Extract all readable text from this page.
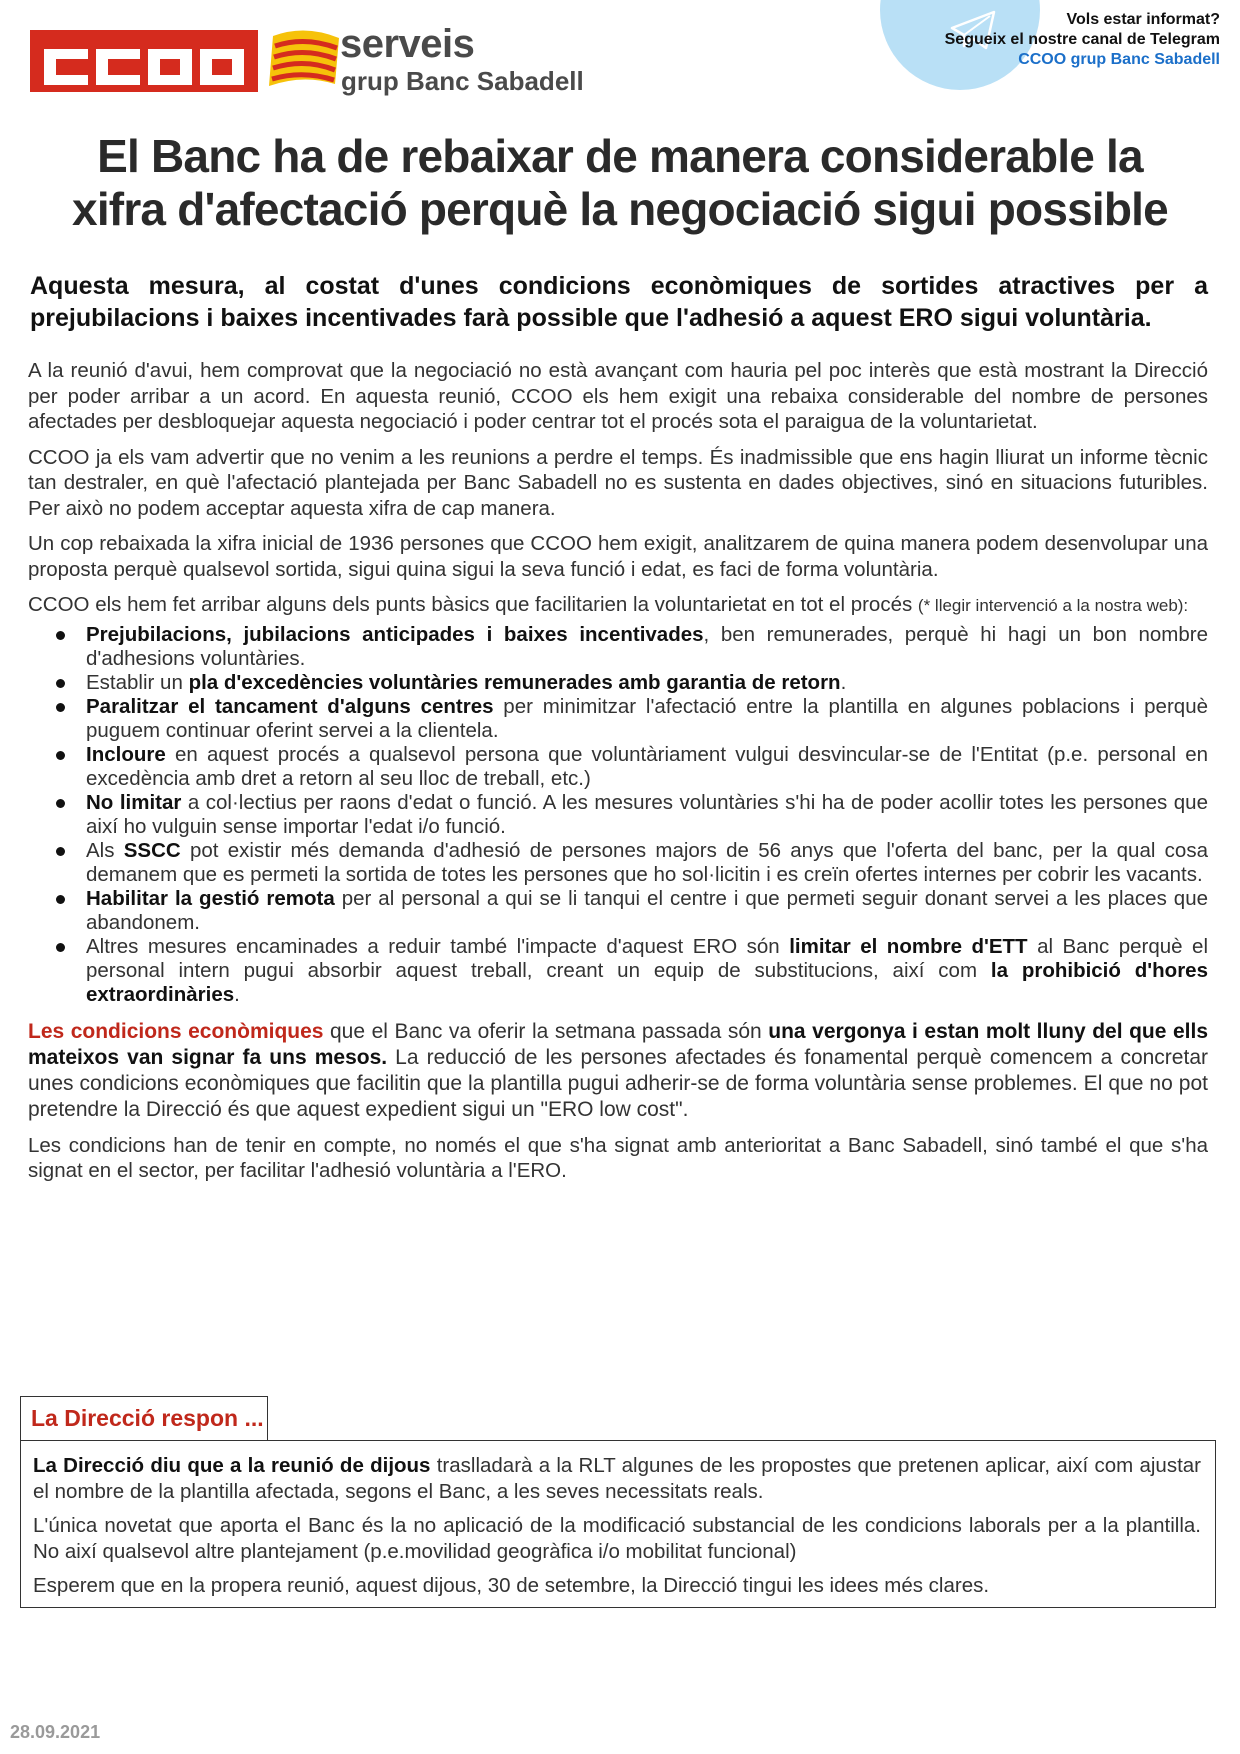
serveis
grup Banc Sabadell
Vols estar informat?
Segueix el nostre canal de Telegram
CCOO grup Banc Sabadell
El Banc ha de rebaixar de manera considerable la
xifra d'afectació perquè la negociació sigui possible
Aquesta mesura, al costat d'unes condicions econòmiques de sortides atractives per a prejubilacions i baixes incentivades farà possible que l'adhesió a aquest ERO sigui voluntària.

A la reunió d'avui, hem comprovat que la negociació no està avançant com hauria pel poc interès que està mostrant la Direcció per poder arribar a un acord. En aquesta reunió, CCOO els hem exigit una rebaixa considerable del nombre de persones afectades per desbloquejar aquesta negociació i poder centrar tot el procés sota el paraigua de la voluntarietat.

CCOO ja els vam advertir que no venim a les reunions a perdre el temps. És inadmissible que ens hagin lliurat un informe tècnic tan destraler, en què l'afectació plantejada per Banc Sabadell no es sustenta en dades objectives, sinó en situacions futuribles. Per això no podem acceptar aquesta xifra de cap manera.

Un cop rebaixada la xifra inicial de 1936 persones que CCOO hem exigit, analitzarem de quina manera podem desenvolupar una proposta perquè qualsevol sortida, sigui quina sigui la seva funció i edat, es faci de forma voluntària.

CCOO els hem fet arribar alguns dels punts bàsics que facilitarien la voluntarietat en tot el procés (* llegir intervenció a la nostra web):

Prejubilacions, jubilacions anticipades i baixes incentivades, ben remunerades, perquè hi hagi un bon nombre d'adhesions voluntàries.
Establir un pla d'excedències voluntàries remunerades amb garantia de retorn.
Paralitzar el tancament d'alguns centres per minimitzar l'afectació entre la plantilla en algunes poblacions i perquè puguem continuar oferint servei a la clientela.
Incloure en aquest procés a qualsevol persona que voluntàriament vulgui desvincular-se de l'Entitat (p.e. personal en excedència amb dret a retorn al seu lloc de treball, etc.)
No limitar a col·lectius per raons d'edat o funció. A les mesures voluntàries s'hi ha de poder acollir totes les persones que així ho vulguin sense importar l'edat i/o funció.
Als SSCC pot existir més demanda d'adhesió de persones majors de 56 anys que l'oferta del banc, per la qual cosa demanem que es permeti la sortida de totes les persones que ho sol·licitin i es creïn ofertes internes per cobrir les vacants.
Habilitar la gestió remota per al personal a qui se li tanqui el centre i que permeti seguir donant servei a les places que abandonem.
Altres mesures encaminades a reduir també l'impacte d'aquest ERO són limitar el nombre d'ETT al Banc perquè el personal intern pugui absorbir aquest treball, creant un equip de substitucions, així com la prohibició d'hores extraordinàries.

Les condicions econòmiques que el Banc va oferir la setmana passada són una vergonya i estan molt lluny del que ells mateixos van signar fa uns mesos. La reducció de les persones afectades és fonamental perquè comencem a concretar unes condicions econòmiques que facilitin que la plantilla pugui adherir-se de forma voluntària sense problemes. El que no pot pretendre la Direcció és que aquest expedient sigui un "ERO low cost".

Les condicions han de tenir en compte, no només el que s'ha signat amb anterioritat a Banc Sabadell, sinó també el que s'ha signat en el sector, per facilitar l'adhesió voluntària a l'ERO.

La Direcció respon ...

La Direcció diu que a la reunió de dijous traslladarà a la RLT algunes de les propostes que pretenen aplicar, així com ajustar el nombre de la plantilla afectada, segons el Banc, a les seves necessitats reals.

L'única novetat que aporta el Banc és la no aplicació de la modificació substancial de les condicions laborals per a la plantilla. No així qualsevol altre plantejament (p.e.movilidad geogràfica i/o mobilitat funcional)

Esperem que en la propera reunió, aquest dijous, 30 de setembre, la Direcció tingui les idees més clares.

28.09.2021
